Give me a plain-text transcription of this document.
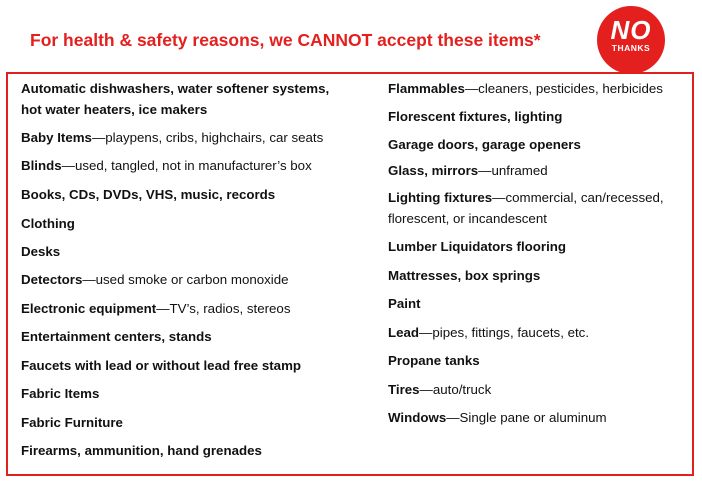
For health & safety reasons, we CANNOT accept these items*	NO
THANKS
Automatic dishwashers, water softener systems,
hot water heaters, ice makers
Baby Items—playpens, cribs, highchairs, car seats
Blinds—used, tangled, not in manufacturer’s box
Books, CDs, DVDs, VHS, music, records
Clothing
Desks
Detectors—used smoke or carbon monoxide
Electronic equipment—TV’s, radios, stereos
Entertainment centers, stands
Faucets with lead or without lead free stamp
Fabric Items
Fabric Furniture
Firearms, ammunition, hand grenades
Flammables—cleaners, pesticides, herbicides
Florescent fixtures, lighting
Garage doors, garage openers
Glass, mirrors—unframed
Lighting fixtures—commercial, can/recessed,
florescent, or incandescent
Lumber Liquidators flooring
Mattresses, box springs
Paint
Lead—pipes, fittings, faucets, etc.
Propane tanks
Tires—auto/truck
Windows—Single pane or aluminum
